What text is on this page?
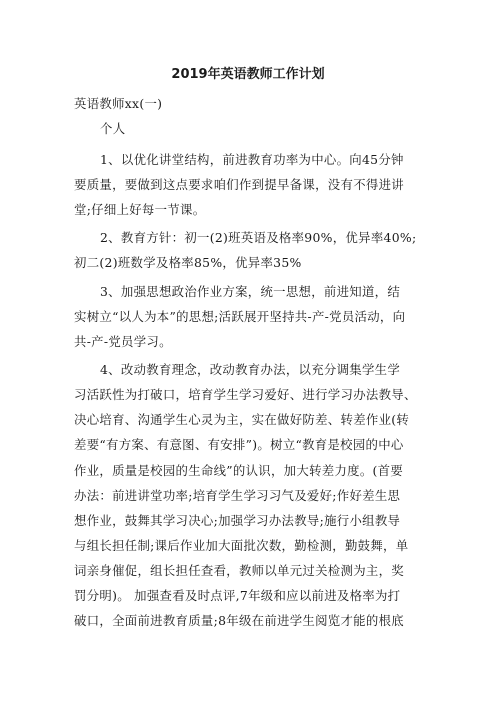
2019年英语教师工作计划
英语教师xx(一)
个人
1、以优化讲堂结构，前进教育功率为中心。向45分钟
要质量，要做到这点要求咱们作到提早备课，没有不得进讲
堂;仔细上好每一节课。
2、教育方针：初一(2)班英语及格率90%，优异率40%;
初二(2)班数学及格率85%，优异率35%
3、加强思想政治作业方案，统一思想，前进知道，结
实树立“以人为本”的思想;活跃展开坚持共-产-党员活动，向
共-产-党员学习。
4、改动教育理念，改动教育办法，以充分调集学生学
习活跃性为打破口，培育学生学习爱好、进行学习办法教导、
决心培育、沟通学生心灵为主，实在做好防差、转差作业(转
差要“有方案、有意图、有安排”)。树立“教育是校园的中心
作业，质量是校园的生命线”的认识，加大转差力度。(首要
办法：前进讲堂功率;培育学生学习习气及爱好;作好差生思
想作业，鼓舞其学习决心;加强学习办法教导;施行小组教导
与组长担任制;课后作业加大面批次数，勤检测，勤鼓舞，单
词亲身催促，组长担任查看，教师以单元过关检测为主，奖
罚分明)。 加强查看及时点评,7年级和应以前进及格率为打
破口，全面前进教育质量;8年级在前进学生阅览才能的根底
